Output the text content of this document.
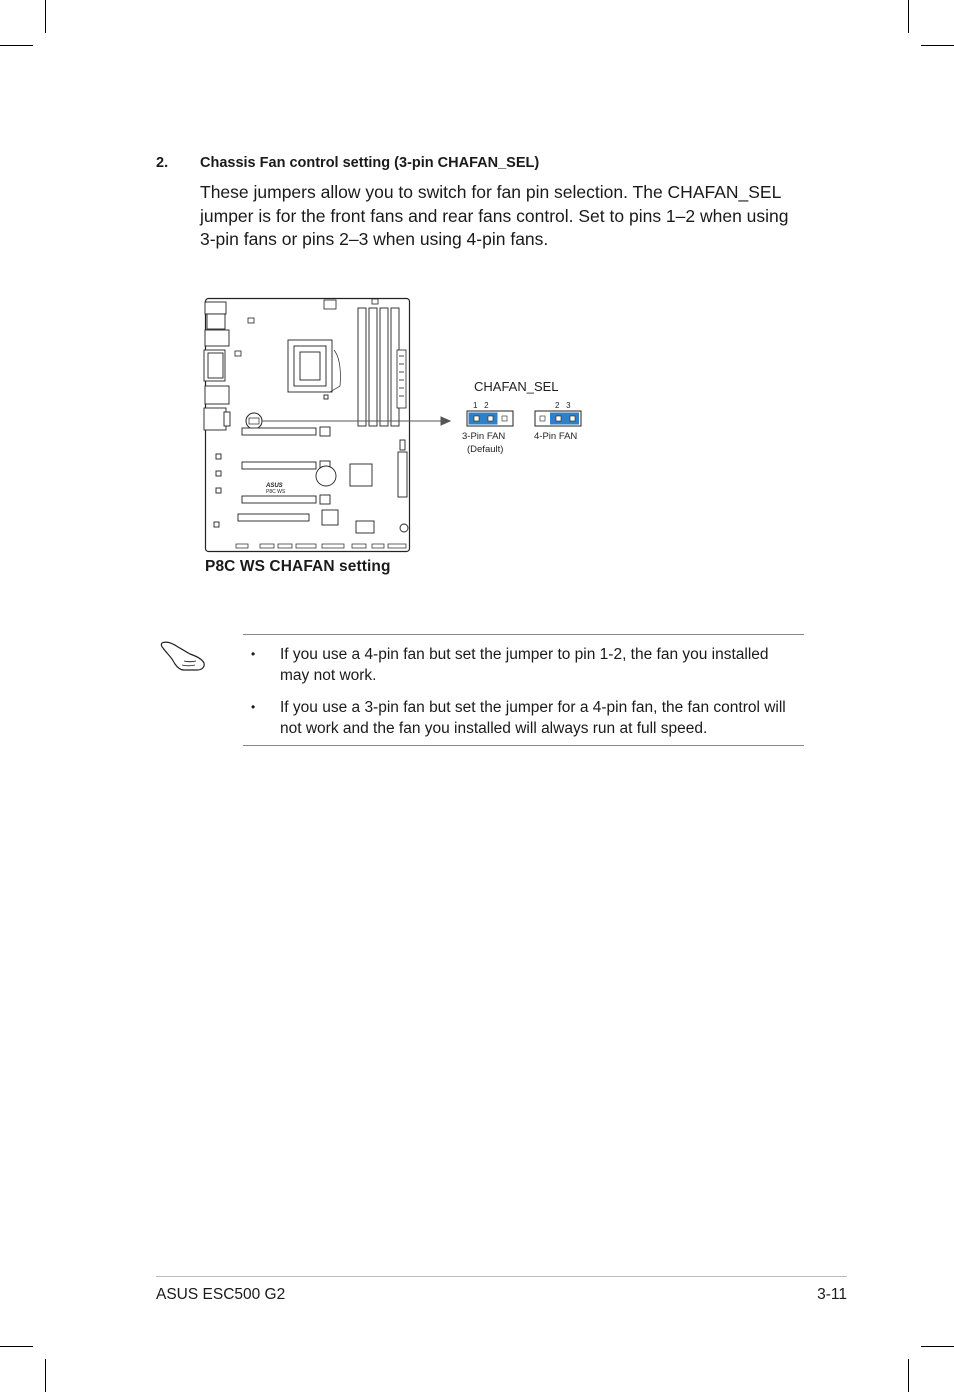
2. Chassis Fan control setting (3-pin CHAFAN_SEL)
These jumpers allow you to switch for fan pin selection. The CHAFAN_SEL jumper is for the front fans and rear fans control. Set to pins 1–2 when using 3-pin fans or pins 2–3 when using 4-pin fans.
ASUS
P8C WS
CHAFAN_SEL
1   2	2   3
3-Pin FAN
(Default)
4-Pin FAN
P8C WS CHAFAN setting
• If you use a 4-pin fan but set the jumper to pin 1-2, the fan you installed may not work.
• If you use a 3-pin fan but set the jumper for a 4-pin fan, the fan control will not work and the fan you installed will always run at full speed.
ASUS ESC500 G2	3-11
